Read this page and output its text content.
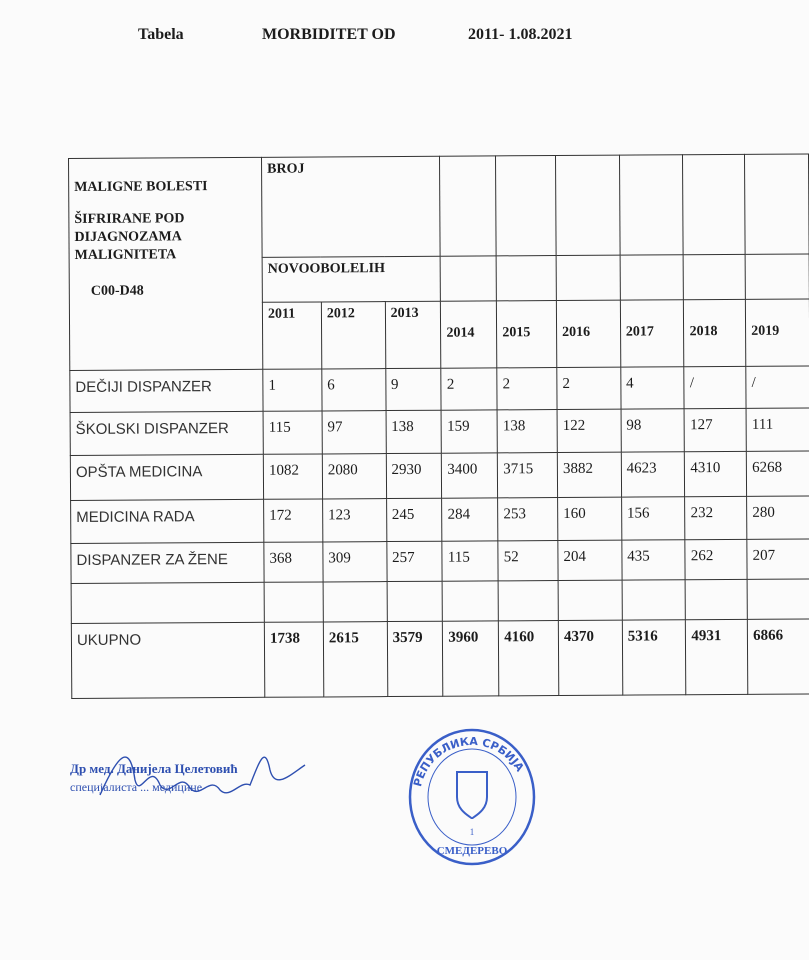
Tabela	MORBIDITET OD	2011- 1.08.2021
MALIGNE BOLESTI
ŠIFRIRANE POD DIJAGNOZAMA MALIGNITETA
C00-D48	BROJ								
	NOVOOBOLELIH								
	2011	2012	2013	2014	2015	2016	2017	2018	2019
DEČIJI DISPANZER	1	6	9	2	2	2	4	/	/
ŠKOLSKI DISPANZER	115	97	138	159	138	122	98	127	111
OPŠTA MEDICINA	1082	2080	2930	3400	3715	3882	4623	4310	6268
MEDICINA RADA	172	123	245	284	253	160	156	232	280
DISPANZER ZA ŽENE	368	309	257	115	52	204	435	262	207

UKUPNO	1738	2615	3579	3960	4160	4370	5316	4931	6866
Др мед. Данијела Целетовић
специјалиста ... медицине	РЕПУБЛИКА СРБИЈА
1
СМЕДЕРЕВО
